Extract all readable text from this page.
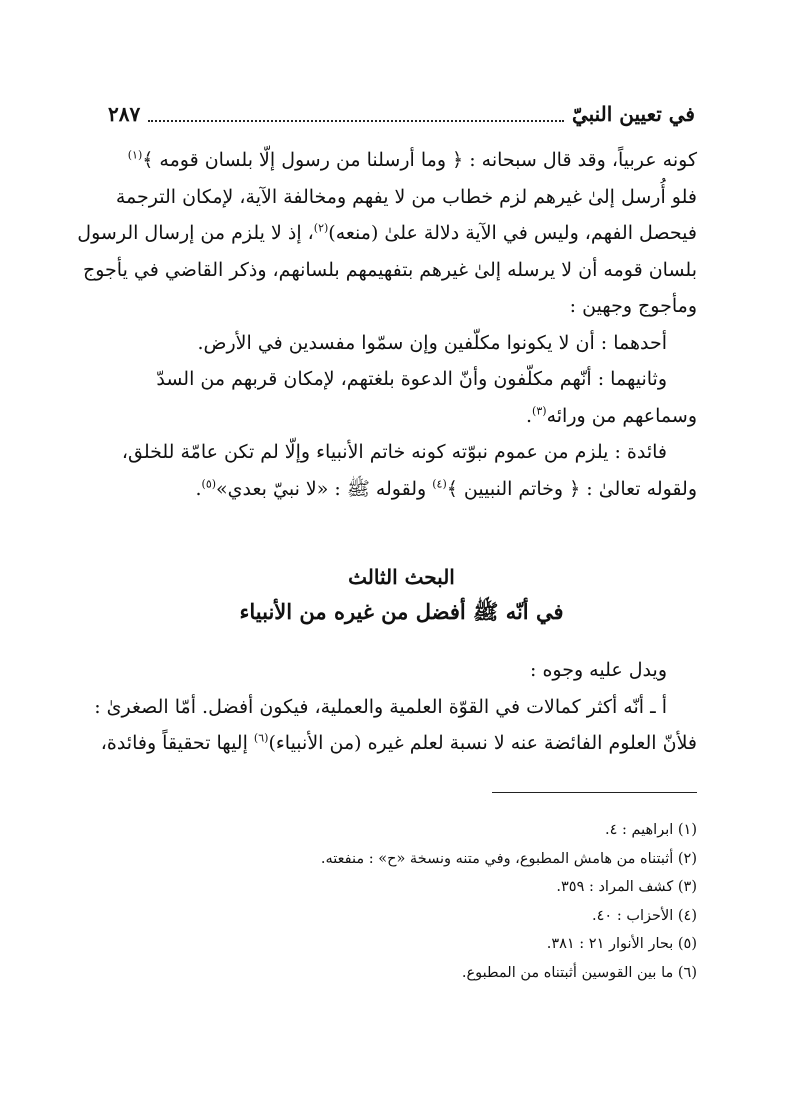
في تعيين النبيّ
٢٨٧
كونه عربياً، وقد قال سبحانه : ﴿ وما أرسلنا من رسول إلّا بلسان قومه ﴾$^{(١)}$
فلو أُرسل إلىٰ غيرهم لزم خطاب من لا يفهم ومخالفة الآية، لإمكان الترجمة
فيحصل الفهم، وليس في الآية دلالة علىٰ (منعه)$^{(٢)}$، إذ لا يلزم من إرسال الرسول
بلسان قومه أن لا يرسله إلىٰ غيرهم بتفهيمهم بلسانهم، وذكر القاضي في يأجوج
ومأجوج وجهين :
أحدهما : أن لا يكونوا مكلّفين وإن سمّوا مفسدين في الأرض.
وثانيهما : أنّهم مكلّفون وأنّ الدعوة بلغتهم، لإمكان قربهم من السدّ
وسماعهم من ورائه$^{(٣)}$.
فائدة : يلزم من عموم نبوّته كونه خاتم الأنبياء وإلّا لم تكن عامّة للخلق،
ولقوله تعالىٰ : ﴿ وخاتم النبيين ﴾$^{(٤)}$ ولقوله ﷺ : «لا نبيّ بعدي»$^{(٥)}$.
البحث الثالث
في أنّه ﷺ أفضل من غيره من الأنبياء
ويدل عليه وجوه :
أ ـ أنّه أكثر كمالات في القوّة العلمية والعملية، فيكون أفضل. أمّا الصغرىٰ :
فلأنّ العلوم الفائضة عنه لا نسبة لعلم غيره (من الأنبياء)$^{(٦)}$ إليها تحقيقاً وفائدة،
(١) ابراهيم : ٤.
(٢) أثبتناه من هامش المطبوع، وفي متنه ونسخة «ح» : منفعته.
(٣) كشف المراد : ٣٥٩.
(٤) الأحزاب : ٤٠.
(٥) بحار الأنوار ٢١ : ٣٨١.
(٦) ما بين القوسين أثبتناه من المطبوع.
